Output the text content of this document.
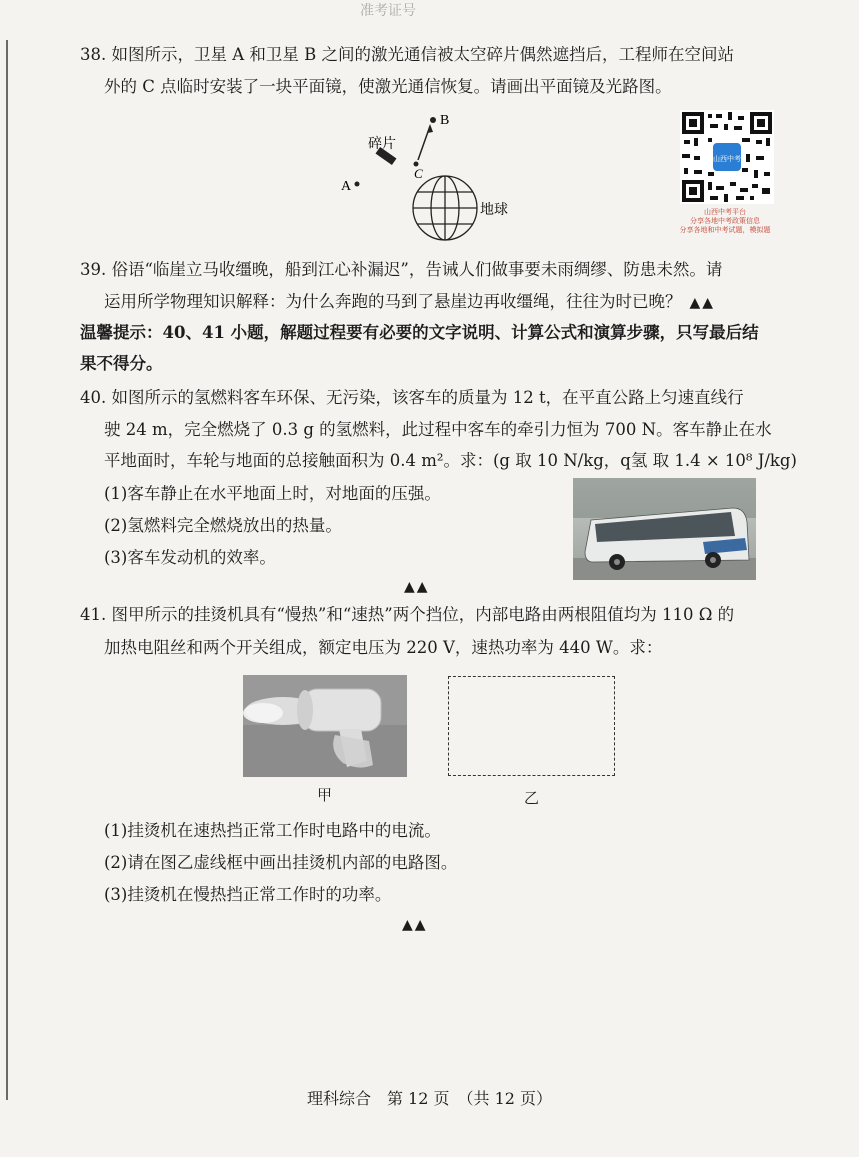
准考证号
38. 如图所示，卫星 A 和卫星 B 之间的激光通信被太空碎片偶然遮挡后，工程师在空间站
外的 C 点临时安装了一块平面镜，使激光通信恢复。请画出平面镜及光路图。
B
碎片
C
A
地球
山西中考
山西中考平台
分享各地中考政策信息
分享各地和中考试题，模拟题
39. 俗语“临崖立马收缰晚，船到江心补漏迟”，告诫人们做事要未雨绸缪、防患未然。请
运用所学物理知识解释：为什么奔跑的马到了悬崖边再收缰绳，往往为时已晚？ ▲▲
温馨提示：40、41 小题，解题过程要有必要的文字说明、计算公式和演算步骤，只写最后结
果不得分。
40. 如图所示的氢燃料客车环保、无污染，该客车的质量为 12 t，在平直公路上匀速直线行
驶 24 m，完全燃烧了 0.3 g 的氢燃料，此过程中客车的牵引力恒为 700 N。客车静止在水
平地面时，车轮与地面的总接触面积为 0.4 m²。求：(g 取 10 N/kg，q氢 取 1.4 × 10⁸ J/kg)
(1)客车静止在水平地面上时，对地面的压强。
(2)氢燃料完全燃烧放出的热量。
(3)客车发动机的效率。
▲▲
41. 图甲所示的挂烫机具有“慢热”和“速热”两个挡位，内部电路由两根阻值均为 110 Ω 的
加热电阻丝和两个开关组成，额定电压为 220 V，速热功率为 440 W。求：
甲	乙
(1)挂烫机在速热挡正常工作时电路中的电流。
(2)请在图乙虚线框中画出挂烫机内部的电路图。
(3)挂烫机在慢热挡正常工作时的功率。
▲▲
理科综合　第 12 页　（共 12 页）
